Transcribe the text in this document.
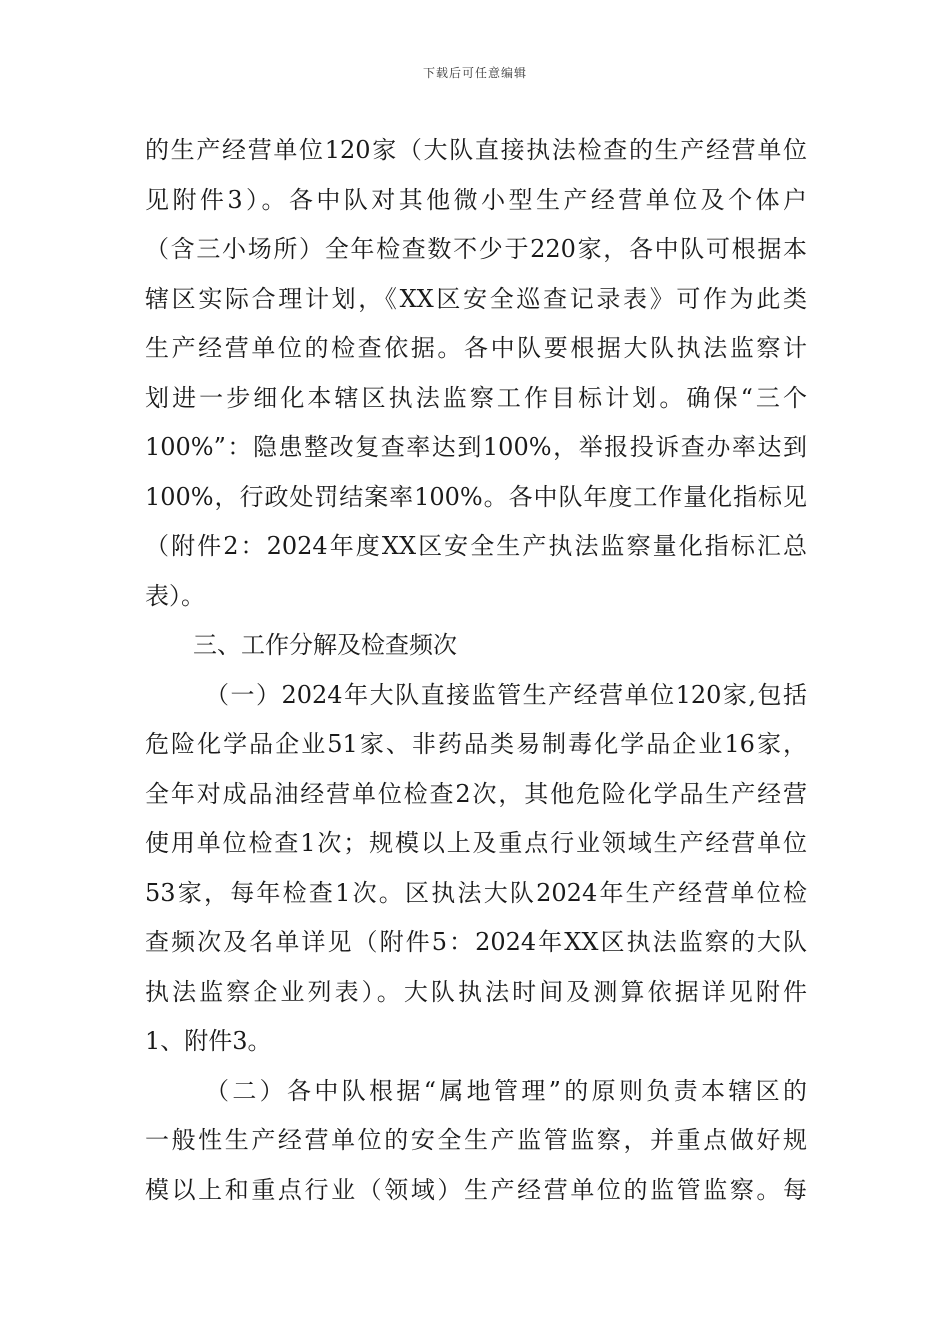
下载后可任意编辑
的生产经营单位120家（大队直接执法检查的生产经营单位
见附件3）。各中队对其他微小型生产经营单位及个体户
（含三小场所）全年检查数不少于220家，各中队可根据本
辖区实际合理计划，《XX区安全巡查记录表》可作为此类
生产经营单位的检查依据。各中队要根据大队执法监察计
划进一步细化本辖区执法监察工作目标计划。确保“三个
100%”：隐患整改复查率达到100%，举报投诉查办率达到
100%，行政处罚结案率100%。各中队年度工作量化指标见
（附件2：2024年度XX区安全生产执法监察量化指标汇总
表）。
三、工作分解及检查频次
（一）2024年大队直接监管生产经营单位120家,包括
危险化学品企业51家、非药品类易制毒化学品企业16家，
全年对成品油经营单位检查2次，其他危险化学品生产经营
使用单位检查1次；规模以上及重点行业领域生产经营单位
53家，每年检查1次。区执法大队2024年生产经营单位检
查频次及名单详见（附件5：2024年XX区执法监察的大队
执法监察企业列表）。大队执法时间及测算依据详见附件
1、附件3。
（二）各中队根据“属地管理”的原则负责本辖区的
一般性生产经营单位的安全生产监管监察，并重点做好规
模以上和重点行业（领域）生产经营单位的监管监察。每
